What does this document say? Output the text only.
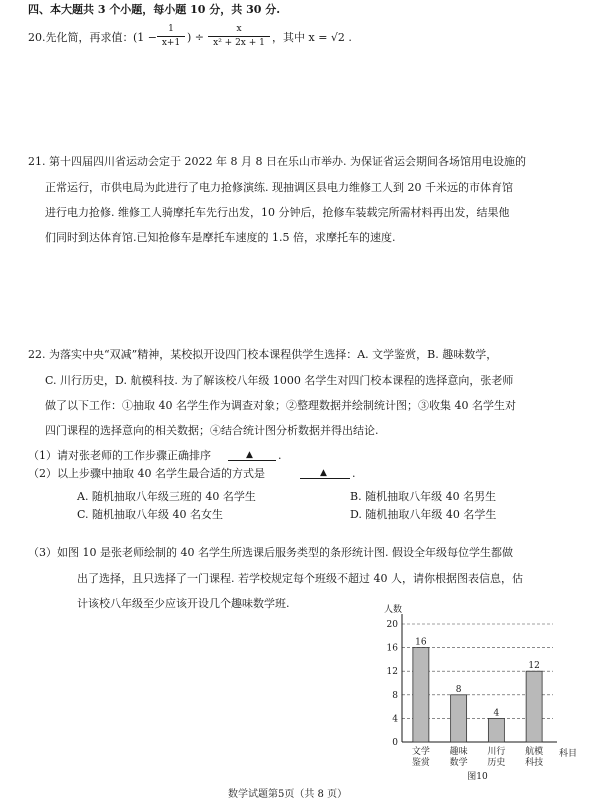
四、本大题共 3 个小题，每小题 10 分，共 30 分.
20.先化简，再求值： (1 −
1
x+1 ) ÷
x
x² + 2x + 1 ，其中 x = √2 .
21. 第十四届四川省运动会定于 2022 年 8 月 8 日在乐山市举办. 为保证省运会期间各场馆用电设施的
正常运行，市供电局为此进行了电力抢修演练. 现抽调区县电力维修工人到 20 千米远的市体育馆
进行电力抢修. 维修工人骑摩托车先行出发，10 分钟后，抢修车装载完所需材料再出发，结果他
们同时到达体育馆.已知抢修车是摩托车速度的 1.5 倍，求摩托车的速度.
22. 为落实中央“双减”精神，某校拟开设四门校本课程供学生选择：A. 文学鉴赏，B. 趣味数学，
C. 川行历史，D. 航模科技. 为了解该校八年级 1000 名学生对四门校本课程的选择意向，张老师
做了以下工作：①抽取 40 名学生作为调查对象；②整理数据并绘制统计图；③收集 40 名学生对
四门课程的选择意向的相关数据；④结合统计图分析数据并得出结论.
（1）请对张老师的工作步骤正确排序	▲ .
（2）以上步骤中抽取 40 名学生最合适的方式是	▲ .
A. 随机抽取八年级三班的 40 名学生	B. 随机抽取八年级 40 名男生
C. 随机抽取八年级 40 名女生	D. 随机抽取八年级 40 名学生
（3）如图 10 是张老师绘制的 40 名学生所选课后服务类型的条形统计图. 假设全年级每位学生都做
出了选择，且只选择了一门课程. 若学校规定每个班级不超过 40 人，请你根据图表信息，估
计该校八年级至少应该开设几个趣味数学班.
20
16
12
8
4
0
人数
科目
16
文学
鉴赏
8
趣味
数学
4
川行
历史
12
航模
科技
图10
数学试题第5页（共 8 页）
